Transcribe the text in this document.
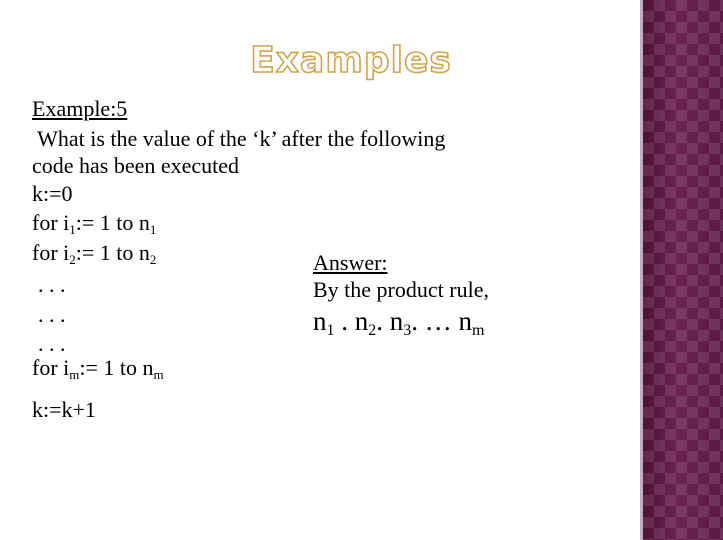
Examples
Example:5
What is the value of the ‘k’ after the following
code has been executed
k:=0
for $i_1:= 1$ to $n_1$
for $i_2:= 1$ to $n_2$
. . .
. . .
. . .
for $i_m:= 1$ to $n_m$
k:=k+1
Answer:
By the product rule,
$n_1$ . $n_2$. $n_3$. … $n_m$
